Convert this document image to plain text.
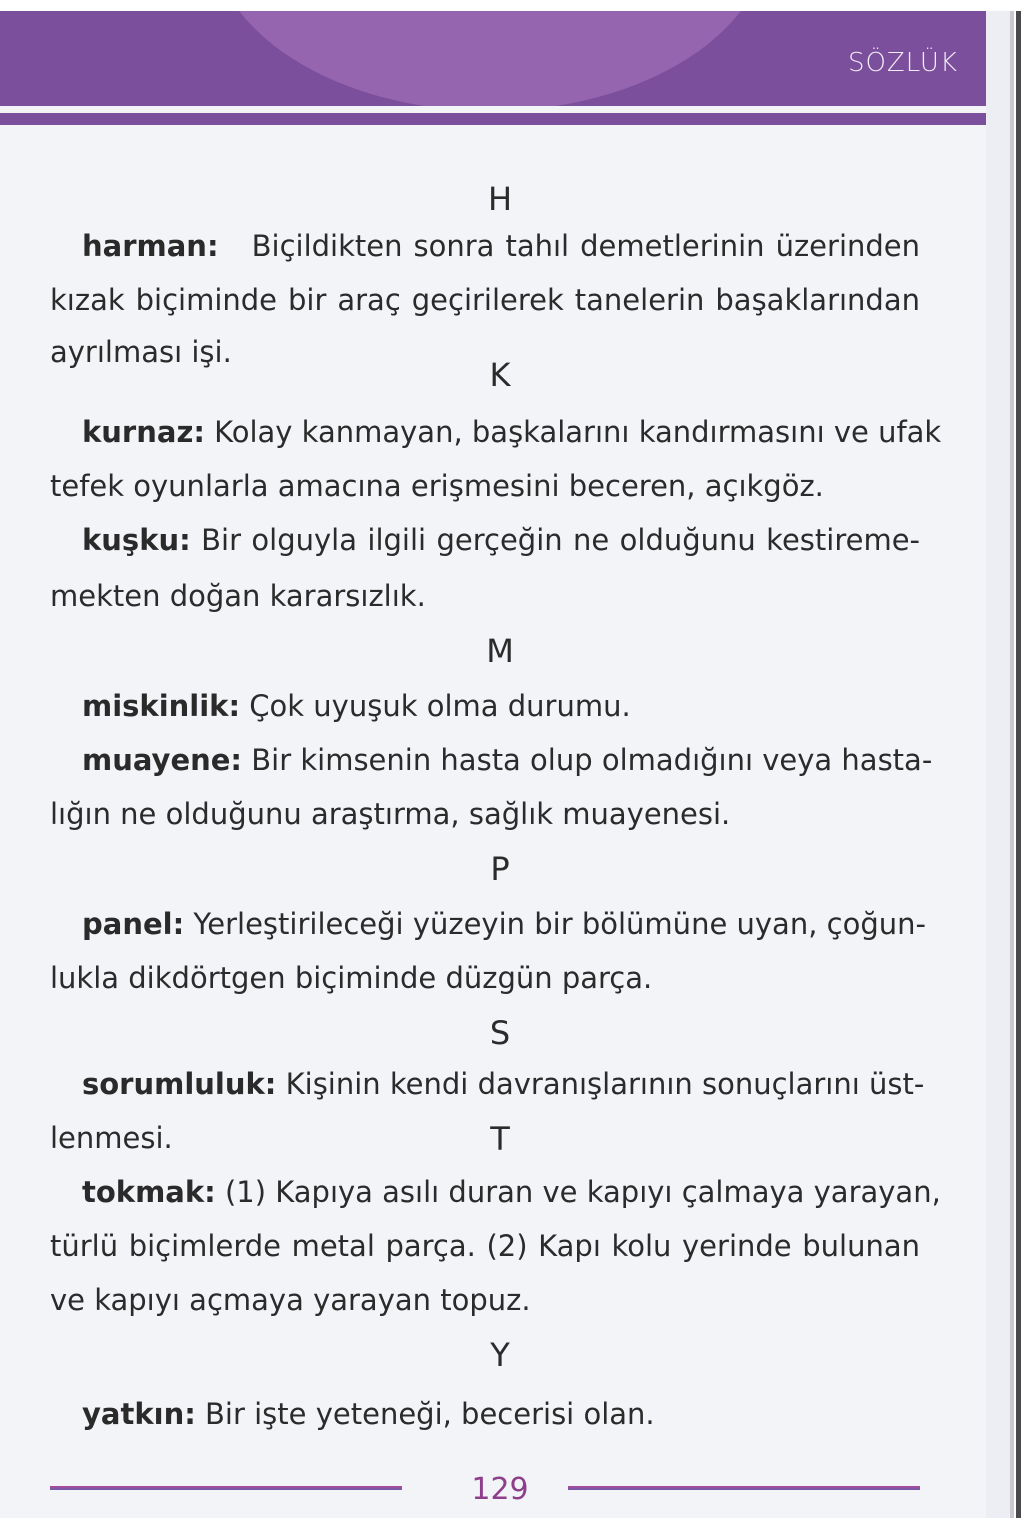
SÖZLÜK
H
harman: Biçildikten sonra tahıl demetlerinin üzerinden
kızak biçiminde bir araç geçirilerek tanelerin başaklarından
ayrılması işi.
K
kurnaz: Kolay kanmayan, başkalarını kandırmasını ve ufak
tefek oyunlarla amacına erişmesini beceren, açıkgöz.
kuşku: Bir olguyla ilgili gerçeğin ne olduğunu kestireme-
mekten doğan kararsızlık.
M
miskinlik: Çok uyuşuk olma durumu.
muayene: Bir kimsenin hasta olup olmadığını veya hasta-
lığın ne olduğunu araştırma, sağlık muayenesi.
P
panel: Yerleştirileceği yüzeyin bir bölümüne uyan, çoğun-
lukla dikdörtgen biçiminde düzgün parça.
S
sorumluluk: Kişinin kendi davranışlarının sonuçlarını üst-
lenmesi.	T
tokmak: (1) Kapıya asılı duran ve kapıyı çalmaya yarayan,
türlü biçimlerde metal parça. (2) Kapı kolu yerinde bulunan
ve kapıyı açmaya yarayan topuz.
Y
yatkın: Bir işte yeteneği, becerisi olan.
129
